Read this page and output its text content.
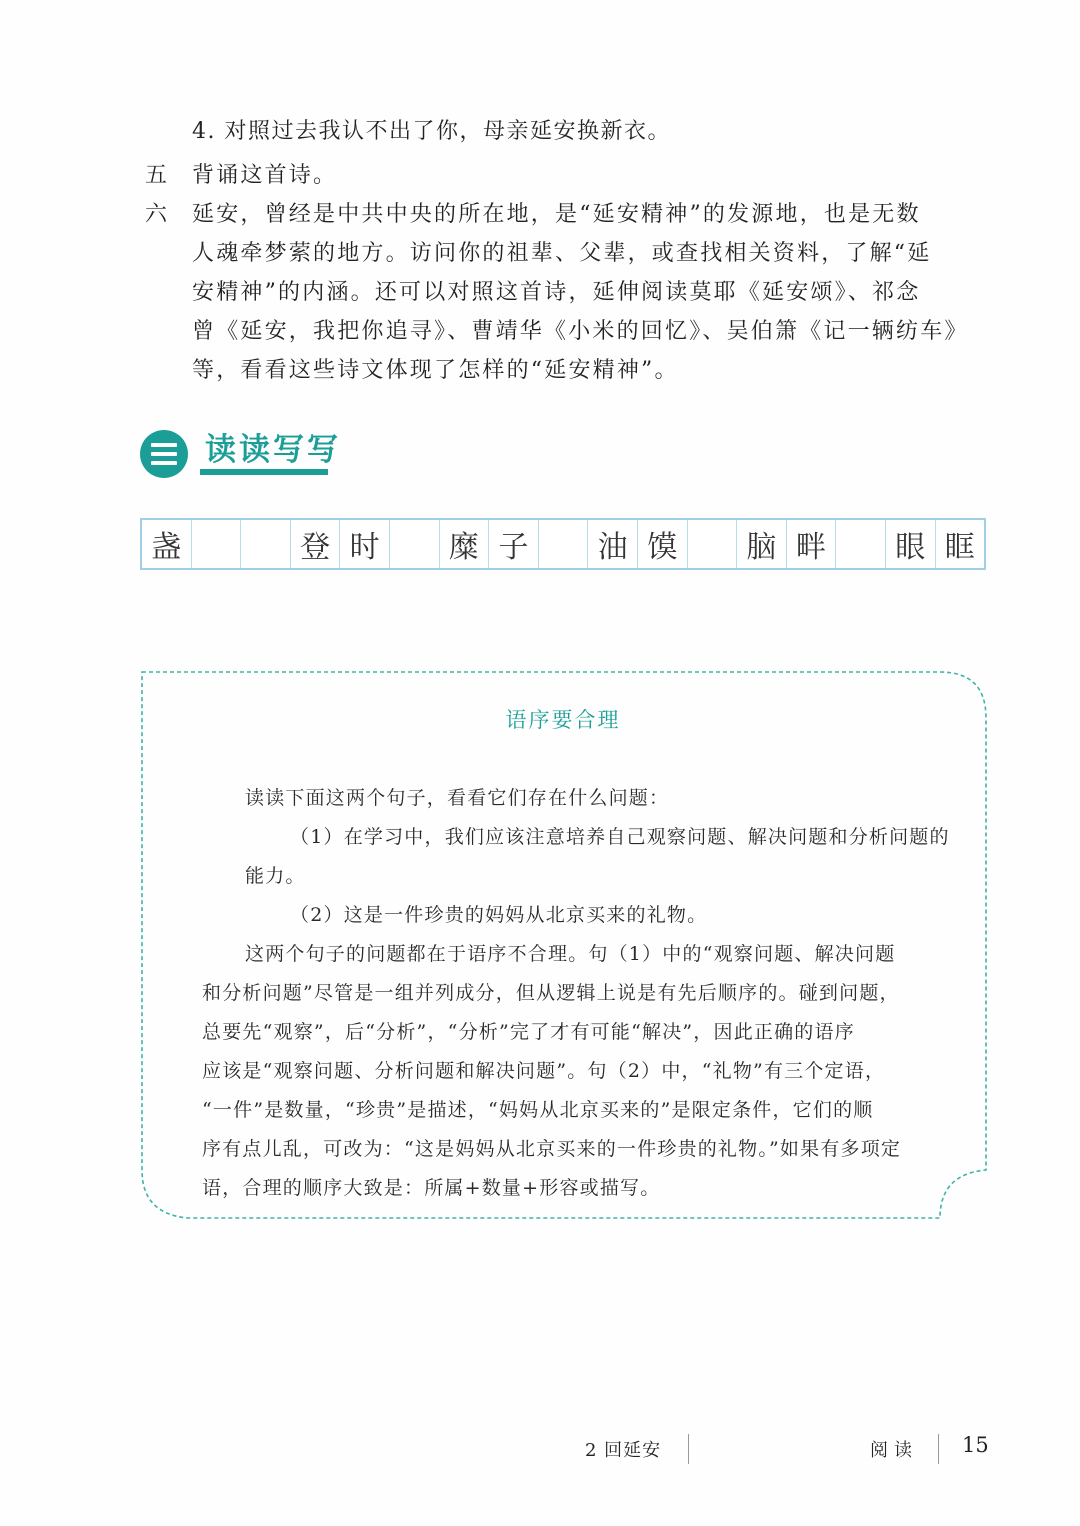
4. 对照过去我认不出了你，母亲延安换新衣。
五 背诵这首诗。
六 延安，曾经是中共中央的所在地，是“延安精神”的发源地，也是无数
人魂牵梦萦的地方。访问你的祖辈、父辈，或查找相关资料，了解“延
安精神”的内涵。还可以对照这首诗，延伸阅读莫耶《延安颂》、祁念
曾《延安，我把你追寻》、曹靖华《小米的回忆》、吴伯箫《记一辆纺车》
等，看看这些诗文体现了怎样的“延安精神”。
读读写写
盏	登 时	糜 子	油 馍	脑 畔	眼 眶
语序要合理
读读下面这两个句子，看看它们存在什么问题：
（1）在学习中，我们应该注意培养自己观察问题、解决问题和分析问题的
能力。
（2）这是一件珍贵的妈妈从北京买来的礼物。
这两个句子的问题都在于语序不合理。句（1）中的“观察问题、解决问题
和分析问题”尽管是一组并列成分，但从逻辑上说是有先后顺序的。碰到问题，
总要先“观察”，后“分析”，“分析”完了才有可能“解决”，因此正确的语序
应该是“观察问题、分析问题和解决问题”。句（2）中，“礼物”有三个定语，
“一件”是数量，“珍贵”是描述，“妈妈从北京买来的”是限定条件，它们的顺
序有点儿乱，可改为：“这是妈妈从北京买来的一件珍贵的礼物。”如果有多项定
语，合理的顺序大致是：所属+数量+形容或描写。
2 回延安	阅读 15
